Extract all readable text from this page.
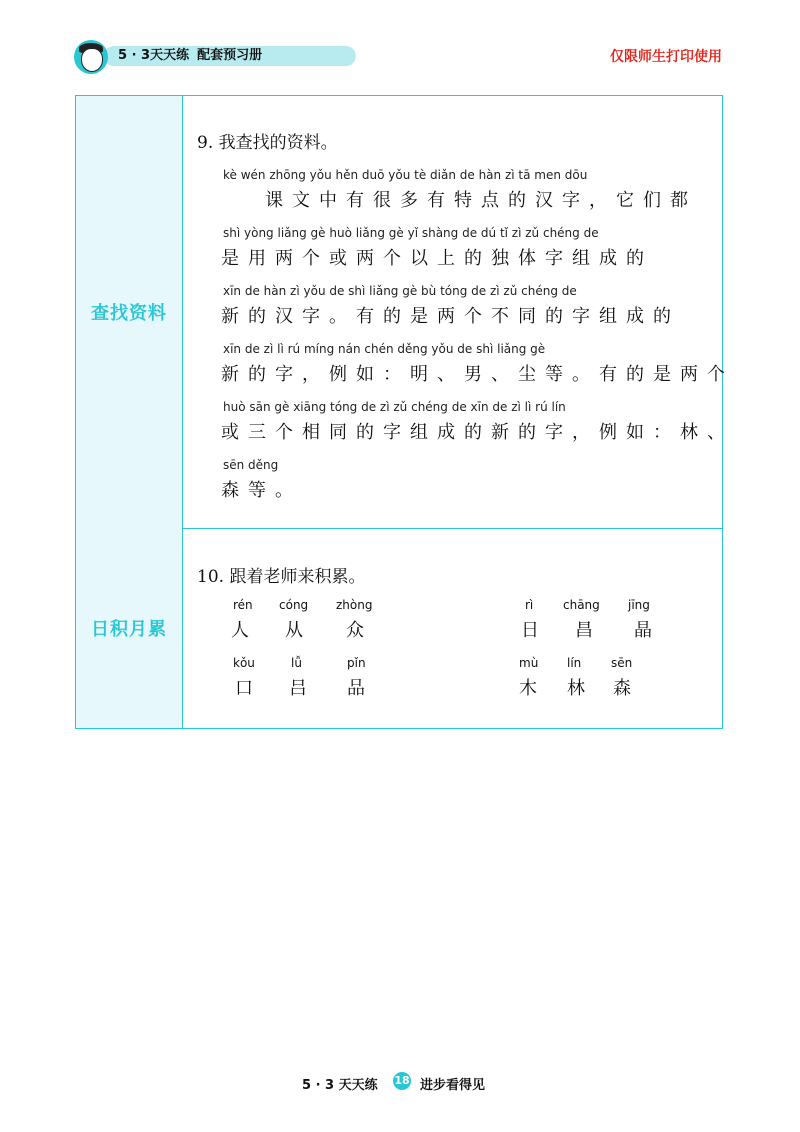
5 · 3天天练 配套预习册	仅限师生打印使用
查找资料
9. 我查找的资料。
kè wén zhōng yǒu hěn duō yǒu tè diǎn de hàn zì tā men dōu
课文中有很多有特点的汉字，它们都
shì yòng liǎng gè huò liǎng gè yǐ shàng de dú tǐ zì zǔ chéng de
是用两个或两个以上的独体字组成的
xīn de hàn zì yǒu de shì liǎng gè bù tóng de zì zǔ chéng de
新的汉字。有的是两个不同的字组成的
xīn de zì lì rú míng nán chén děng yǒu de shì liǎng gè
新的字，例如：明、男、尘等。有的是两个
huò sān gè xiāng tóng de zì zǔ chéng de xīn de zì lì rú lín
或三个相同的字组成的新的字，例如：林、
sēn děng
森等。
日积月累
10. 跟着老师来积累。
rén
人
cóng
从
zhòng
众
rì
日
chāng
昌
jīng
晶
kǒu
口
lǚ
吕
pǐn
品
mù
木
lín
林
sēn
森
5 · 3 天天练 18 进步看得见
